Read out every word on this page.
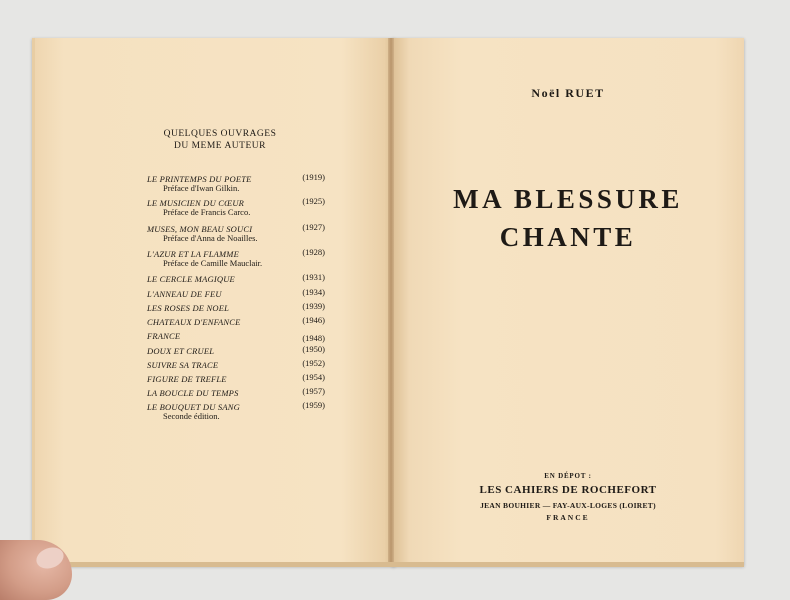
QUELQUES OUVRAGES
DU MEME AUTEUR
LE PRINTEMPS DU POETE	(1919)
Préface d'Iwan Gilkin.
LE MUSICIEN DU CŒUR	(1925)
Préface de Francis Carco.
MUSES, MON BEAU SOUCI	(1927)
Préface d'Anna de Noailles.
L'AZUR ET LA FLAMME	(1928)
Préface de Camille Mauclair.
LE CERCLE MAGIQUE	(1931)
L'ANNEAU DE FEU	(1934)
LES ROSES DE NOEL	(1939)
CHATEAUX D'ENFANCE	(1946)
FRANCE	(1948)
DOUX ET CRUEL	(1950)
SUIVRE SA TRACE	(1952)
FIGURE DE TREFLE	(1954)
LA BOUCLE DU TEMPS	(1957)
LE BOUQUET DU SANG	(1959)
Seconde édition.
Noël RUET
MA BLESSURE
CHANTE
EN DÉPOT :
LES CAHIERS DE ROCHEFORT
JEAN BOUHIER — FAY-AUX-LOGES (LOIRET)
FRANCE
